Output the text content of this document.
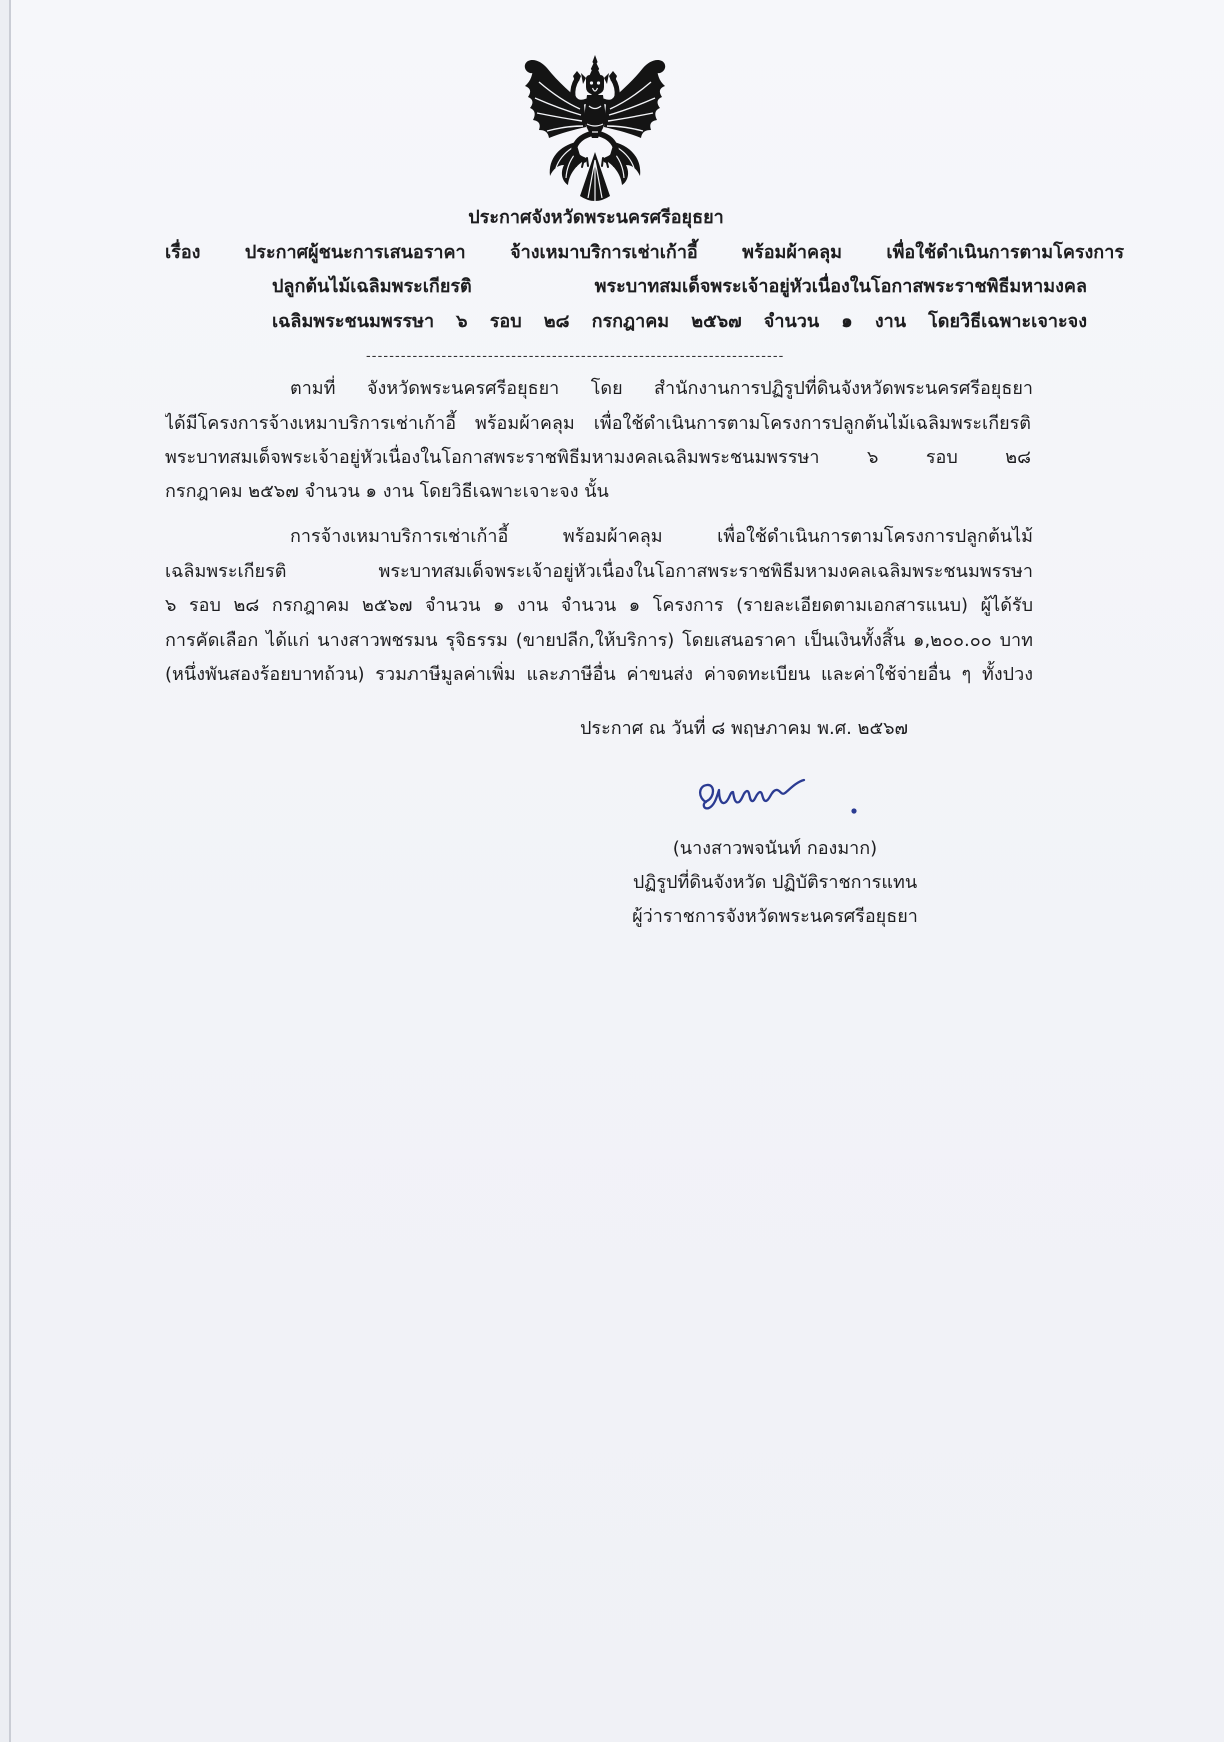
ประกาศจังหวัดพระนครศรีอยุธยา
เรื่อง ประกาศผู้ชนะการเสนอราคา จ้างเหมาบริการเช่าเก้าอี้ พร้อมผ้าคลุม เพื่อใช้ดำเนินการตามโครงการ
ปลูกต้นไม้เฉลิมพระเกียรติ พระบาทสมเด็จพระเจ้าอยู่หัวเนื่องในโอกาสพระราชพิธีมหามงคล
เฉลิมพระชนมพรรษา ๖ รอบ ๒๘ กรกฎาคม ๒๕๖๗ จำนวน ๑ งาน โดยวิธีเฉพาะเจาะจง
------------------------------------------------------------------------
ตามที่ จังหวัดพระนครศรีอยุธยา โดย สำนักงานการปฏิรูปที่ดินจังหวัดพระนครศรีอยุธยา
ได้มีโครงการจ้างเหมาบริการเช่าเก้าอี้ พร้อมผ้าคลุม เพื่อใช้ดำเนินการตามโครงการปลูกต้นไม้เฉลิมพระเกียรติ
พระบาทสมเด็จพระเจ้าอยู่หัวเนื่องในโอกาสพระราชพิธีมหามงคลเฉลิมพระชนมพรรษา ๖ รอบ ๒๘
กรกฎาคม ๒๕๖๗ จำนวน ๑ งาน โดยวิธีเฉพาะเจาะจง นั้น
การจ้างเหมาบริการเช่าเก้าอี้ พร้อมผ้าคลุม เพื่อใช้ดำเนินการตามโครงการปลูกต้นไม้
เฉลิมพระเกียรติ พระบาทสมเด็จพระเจ้าอยู่หัวเนื่องในโอกาสพระราชพิธีมหามงคลเฉลิมพระชนมพรรษา
๖ รอบ ๒๘ กรกฎาคม ๒๕๖๗ จำนวน ๑ งาน จำนวน ๑ โครงการ (รายละเอียดตามเอกสารแนบ) ผู้ได้รับ
การคัดเลือก ได้แก่ นางสาวพชรมน รุจิธรรม (ขายปลีก,ให้บริการ) โดยเสนอราคา เป็นเงินทั้งสิ้น ๑,๒๐๐.๐๐ บาท
(หนึ่งพันสองร้อยบาทถ้วน) รวมภาษีมูลค่าเพิ่ม และภาษีอื่น ค่าขนส่ง ค่าจดทะเบียน และค่าใช้จ่ายอื่น ๆ ทั้งปวง
ประกาศ ณ วันที่ ๘ พฤษภาคม พ.ศ. ๒๕๖๗
(นางสาวพจนันท์ กองมาก)
ปฏิรูปที่ดินจังหวัด ปฏิบัติราชการแทน
ผู้ว่าราชการจังหวัดพระนครศรีอยุธยา
